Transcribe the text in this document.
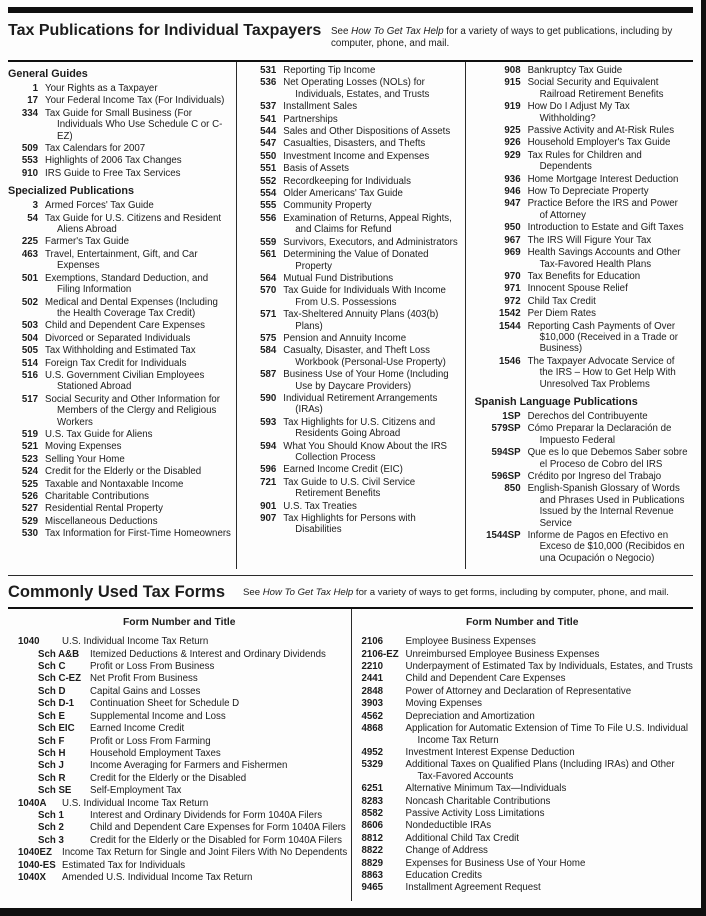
Tax Publications for Individual Taxpayers See How To Get Tax Help for a variety of ways to get publications, including by computer, phone, and mail.

General Guides
1 Your Rights as a Taxpayer
17 Your Federal Income Tax (For Individuals)
334 Tax Guide for Small Business (For Individuals Who Use Schedule C or C-EZ)
509 Tax Calendars for 2007
553 Highlights of 2006 Tax Changes
910 IRS Guide to Free Tax Services
Specialized Publications
3 Armed Forces' Tax Guide
54 Tax Guide for U.S. Citizens and Resident Aliens Abroad
225 Farmer's Tax Guide
463 Travel, Entertainment, Gift, and Car Expenses
501 Exemptions, Standard Deduction, and Filing Information
502 Medical and Dental Expenses (Including the Health Coverage Tax Credit)
503 Child and Dependent Care Expenses
504 Divorced or Separated Individuals
505 Tax Withholding and Estimated Tax
514 Foreign Tax Credit for Individuals
516 U.S. Government Civilian Employees Stationed Abroad
517 Social Security and Other Information for Members of the Clergy and Religious Workers
519 U.S. Tax Guide for Aliens
521 Moving Expenses
523 Selling Your Home
524 Credit for the Elderly or the Disabled
525 Taxable and Nontaxable Income
526 Charitable Contributions
527 Residential Rental Property
529 Miscellaneous Deductions
530 Tax Information for First-Time Homeowners
531 Reporting Tip Income
536 Net Operating Losses (NOLs) for Individuals, Estates, and Trusts
537 Installment Sales
541 Partnerships
544 Sales and Other Dispositions of Assets
547 Casualties, Disasters, and Thefts
550 Investment Income and Expenses
551 Basis of Assets
552 Recordkeeping for Individuals
554 Older Americans' Tax Guide
555 Community Property
556 Examination of Returns, Appeal Rights, and Claims for Refund
559 Survivors, Executors, and Administrators
561 Determining the Value of Donated Property
564 Mutual Fund Distributions
570 Tax Guide for Individuals With Income From U.S. Possessions
571 Tax-Sheltered Annuity Plans (403(b) Plans)
575 Pension and Annuity Income
584 Casualty, Disaster, and Theft Loss Workbook (Personal-Use Property)
587 Business Use of Your Home (Including Use by Daycare Providers)
590 Individual Retirement Arrangements (IRAs)
593 Tax Highlights for U.S. Citizens and Residents Going Abroad
594 What You Should Know About the IRS Collection Process
596 Earned Income Credit (EIC)
721 Tax Guide to U.S. Civil Service Retirement Benefits
901 U.S. Tax Treaties
907 Tax Highlights for Persons with Disabilities
908 Bankruptcy Tax Guide
915 Social Security and Equivalent Railroad Retirement Benefits
919 How Do I Adjust My Tax Withholding?
925 Passive Activity and At-Risk Rules
926 Household Employer's Tax Guide
929 Tax Rules for Children and Dependents
936 Home Mortgage Interest Deduction
946 How To Depreciate Property
947 Practice Before the IRS and Power of Attorney
950 Introduction to Estate and Gift Taxes
967 The IRS Will Figure Your Tax
969 Health Savings Accounts and Other Tax-Favored Health Plans
970 Tax Benefits for Education
971 Innocent Spouse Relief
972 Child Tax Credit
1542 Per Diem Rates
1544 Reporting Cash Payments of Over $10,000 (Received in a Trade or Business)
1546 The Taxpayer Advocate Service of the IRS – How to Get Help With Unresolved Tax Problems
Spanish Language Publications
1SP Derechos del Contribuyente
579SP Cómo Preparar la Declaración de Impuesto Federal
594SP Que es lo que Debemos Saber sobre el Proceso de Cobro del IRS
596SP Crédito por Ingreso del Trabajo
850 English-Spanish Glossary of Words and Phrases Used in Publications Issued by the Internal Revenue Service
1544SP Informe de Pagos en Efectivo en Exceso de $10,000 (Recibidos en una Ocupación o Negocio)
Commonly Used Tax Forms See How To Get Tax Help for a variety of ways to get forms, including by computer, phone, and mail.

Form Number and Title
1040	U.S. Individual Income Tax Return
Sch A&B	Itemized Deductions & Interest and Ordinary Dividends
Sch C	Profit or Loss From Business
Sch C-EZ Net Profit From Business
Sch D	Capital Gains and Losses
Sch D-1	Continuation Sheet for Schedule D
Sch E	Supplemental Income and Loss
Sch EIC	Earned Income Credit
Sch F	Profit or Loss From Farming
Sch H	Household Employment Taxes
Sch J	Income Averaging for Farmers and Fishermen
Sch R	Credit for the Elderly or the Disabled
Sch SE	Self-Employment Tax
1040A	U.S. Individual Income Tax Return
Sch 1	Interest and Ordinary Dividends for Form 1040A Filers
Sch 2	Child and Dependent Care Expenses for Form 1040A Filers
Sch 3	Credit for the Elderly or the Disabled for Form 1040A Filers
1040EZ	Income Tax Return for Single and Joint Filers With No Dependents
1040-ES Estimated Tax for Individuals
1040X	Amended U.S. Individual Income Tax Return
Form Number and Title
2106	Employee Business Expenses
2106-EZ Unreimbursed Employee Business Expenses
2210	Underpayment of Estimated Tax by Individuals, Estates, and Trusts
2441	Child and Dependent Care Expenses
2848	Power of Attorney and Declaration of Representative
3903	Moving Expenses
4562	Depreciation and Amortization
4868	Application for Automatic Extension of Time To File U.S. Individual Income Tax Return
4952	Investment Interest Expense Deduction
5329	Additional Taxes on Qualified Plans (Including IRAs) and Other Tax-Favored Accounts
6251	Alternative Minimum Tax—Individuals
8283	Noncash Charitable Contributions
8582	Passive Activity Loss Limitations
8606	Nondeductible IRAs
8812	Additional Child Tax Credit
8822	Change of Address
8829	Expenses for Business Use of Your Home
8863	Education Credits
9465	Installment Agreement Request
